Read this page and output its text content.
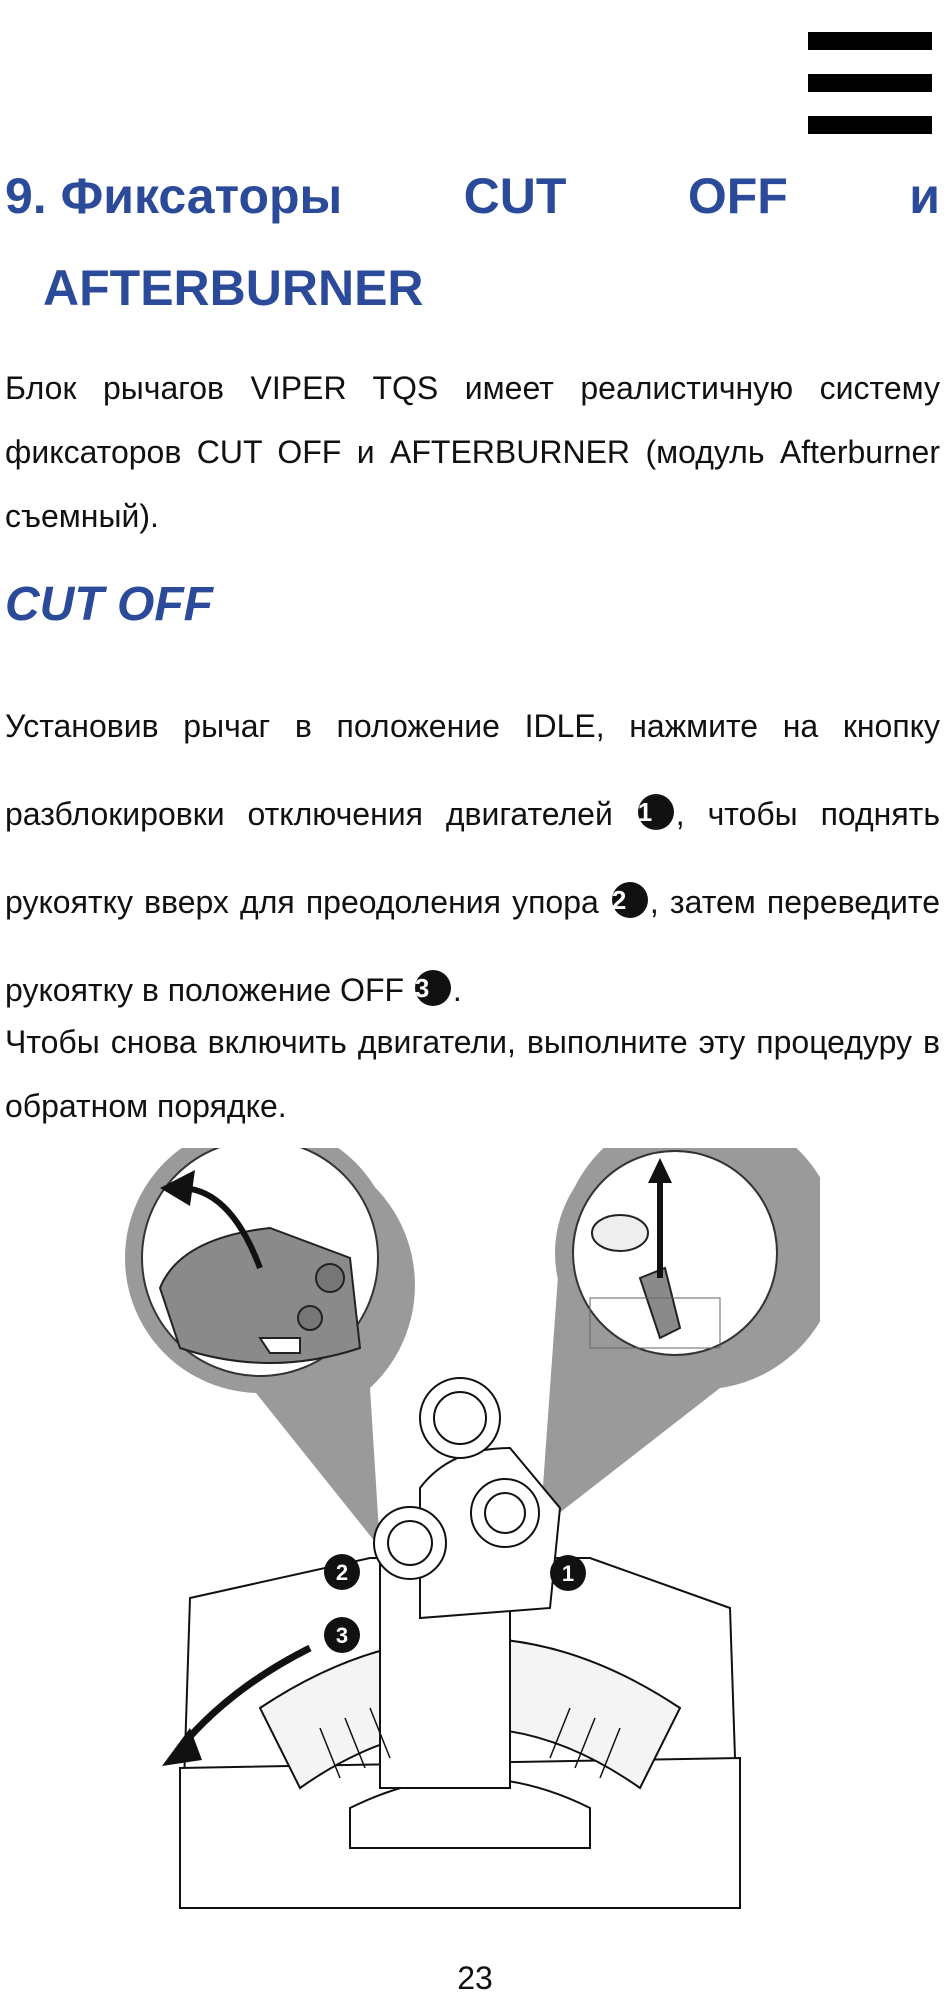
9. Фиксаторы CUT OFF и
AFTERBURNER
Блок рычагов VIPER TQS имеет реалистичную систему фиксаторов CUT OFF и AFTERBURNER (модуль Afterburner съемный).
CUT OFF
Установив рычаг в положение IDLE, нажмите на кнопку разблокировки отключения двигателей 1 , чтобы поднять рукоятку вверх для преодоления упора 2 , затем переведите рукоятку в положение OFF 3 .
Чтобы снова включить двигатели, выполните эту процедуру в обратном порядке.
2
3
1
23
